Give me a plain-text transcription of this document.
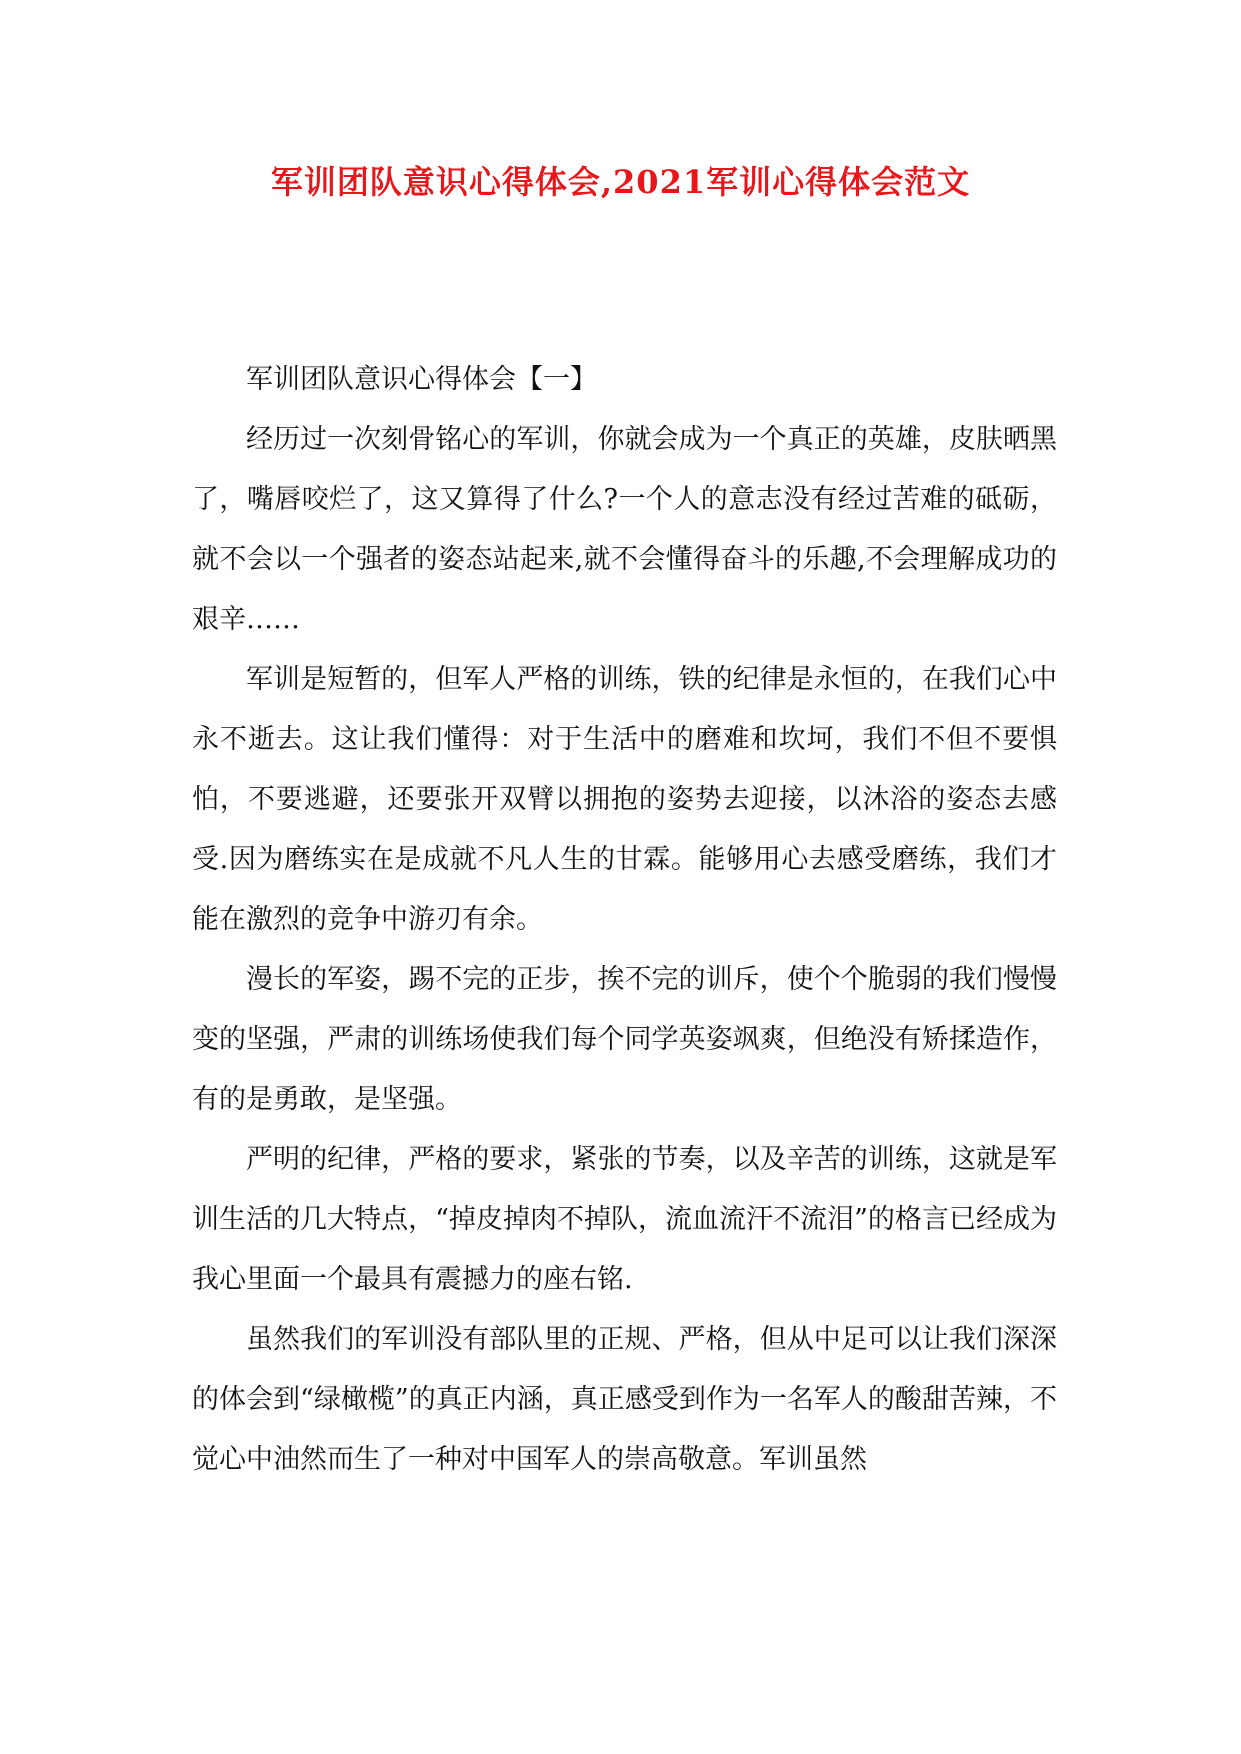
军训团队意识心得体会,2021军训心得体会范文

军训团队意识心得体会【一】

经历过一次刻骨铭心的军训，你就会成为一个真正的英雄，皮肤晒黑了，嘴唇咬烂了，这又算得了什么?一个人的意志没有经过苦难的砥砺，就不会以一个强者的姿态站起来,就不会懂得奋斗的乐趣,不会理解成功的艰辛……

军训是短暂的，但军人严格的训练，铁的纪律是永恒的，在我们心中永不逝去。这让我们懂得：对于生活中的磨难和坎坷，我们不但不要惧怕，不要逃避，还要张开双臂以拥抱的姿势去迎接，以沐浴的姿态去感受.因为磨练实在是成就不凡人生的甘霖。能够用心去感受磨练，我们才能在激烈的竞争中游刃有余。

漫长的军姿，踢不完的正步，挨不完的训斥，使个个脆弱的我们慢慢变的坚强，严肃的训练场使我们每个同学英姿飒爽，但绝没有矫揉造作，有的是勇敢，是坚强。

严明的纪律，严格的要求，紧张的节奏，以及辛苦的训练，这就是军训生活的几大特点，“掉皮掉肉不掉队，流血流汗不流泪”的格言已经成为我心里面一个最具有震撼力的座右铭.

虽然我们的军训没有部队里的正规、严格，但从中足可以让我们深深的体会到“绿橄榄”的真正内涵，真正感受到作为一名军人的酸甜苦辣，不觉心中油然而生了一种对中国军人的崇高敬意。军训虽然
